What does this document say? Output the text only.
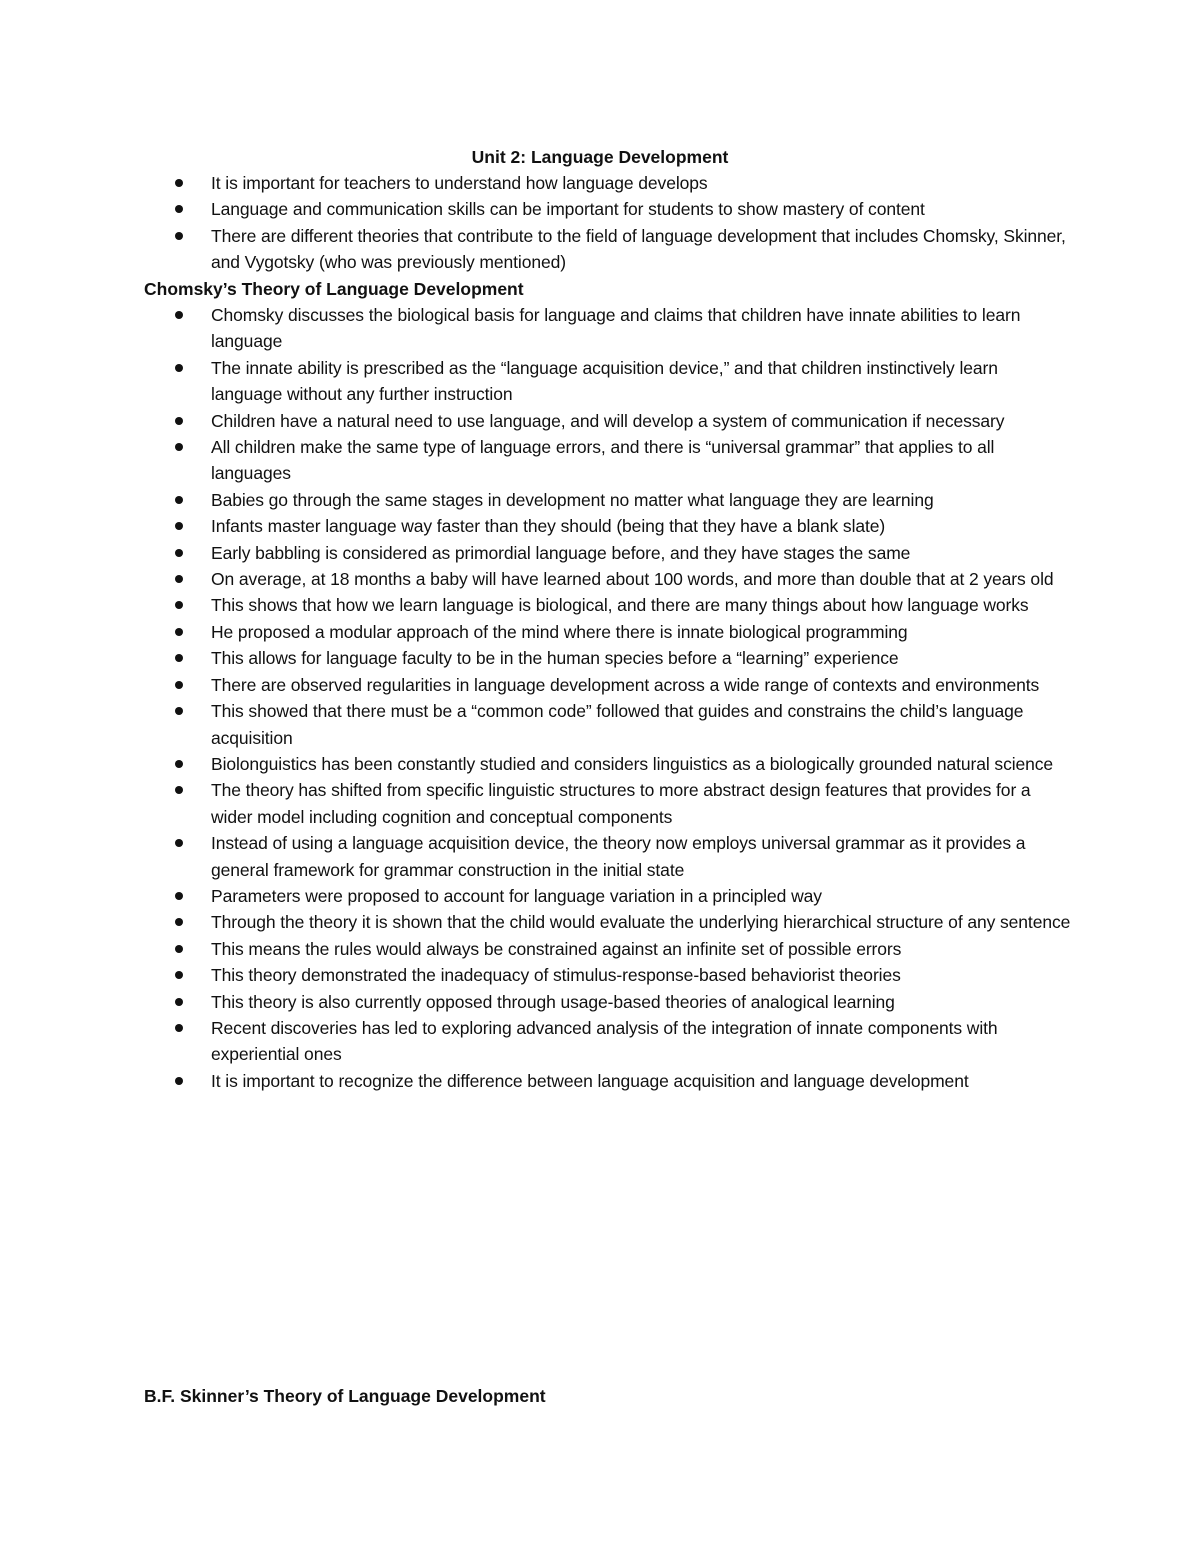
Unit 2: Language Development
It is important for teachers to understand how language develops
Language and communication skills can be important for students to show mastery of content
There are different theories that contribute to the field of language development that includes Chomsky, Skinner, and Vygotsky (who was previously mentioned)
Chomsky’s Theory of Language Development
Chomsky discusses the biological basis for language and claims that children have innate abilities to learn language
The innate ability is prescribed as the “language acquisition device,” and that children instinctively learn language without any further instruction
Children have a natural need to use language, and will develop a system of communication if necessary
All children make the same type of language errors, and there is “universal grammar” that applies to all languages
Babies go through the same stages in development no matter what language they are learning
Infants master language way faster than they should (being that they have a blank slate)
Early babbling is considered as primordial language before, and they have stages the same
On average, at 18 months a baby will have learned about 100 words, and more than double that at 2 years old
This shows that how we learn language is biological, and there are many things about how language works
He proposed a modular approach of the mind where there is innate biological programming
This allows for language faculty to be in the human species before a “learning” experience
There are observed regularities in language development across a wide range of contexts and environments
This showed that there must be a “common code” followed that guides and constrains the child’s language acquisition
Biolonguistics has been constantly studied and considers linguistics as a biologically grounded natural science
The theory has shifted from specific linguistic structures to more abstract design features that provides for a wider model including cognition and conceptual components
Instead of using a language acquisition device, the theory now employs universal grammar as it provides a general framework for grammar construction in the initial state
Parameters were proposed to account for language variation in a principled way
Through the theory it is shown that the child would evaluate the underlying hierarchical structure of any sentence
This means the rules would always be constrained against an infinite set of possible errors
This theory demonstrated the inadequacy of stimulus-response-based behaviorist theories
This theory is also currently opposed through usage-based theories of analogical learning
Recent discoveries has led to exploring advanced analysis of the integration of innate components with experiential ones
It is important to recognize the difference between language acquisition and language development
B.F. Skinner’s Theory of Language Development
